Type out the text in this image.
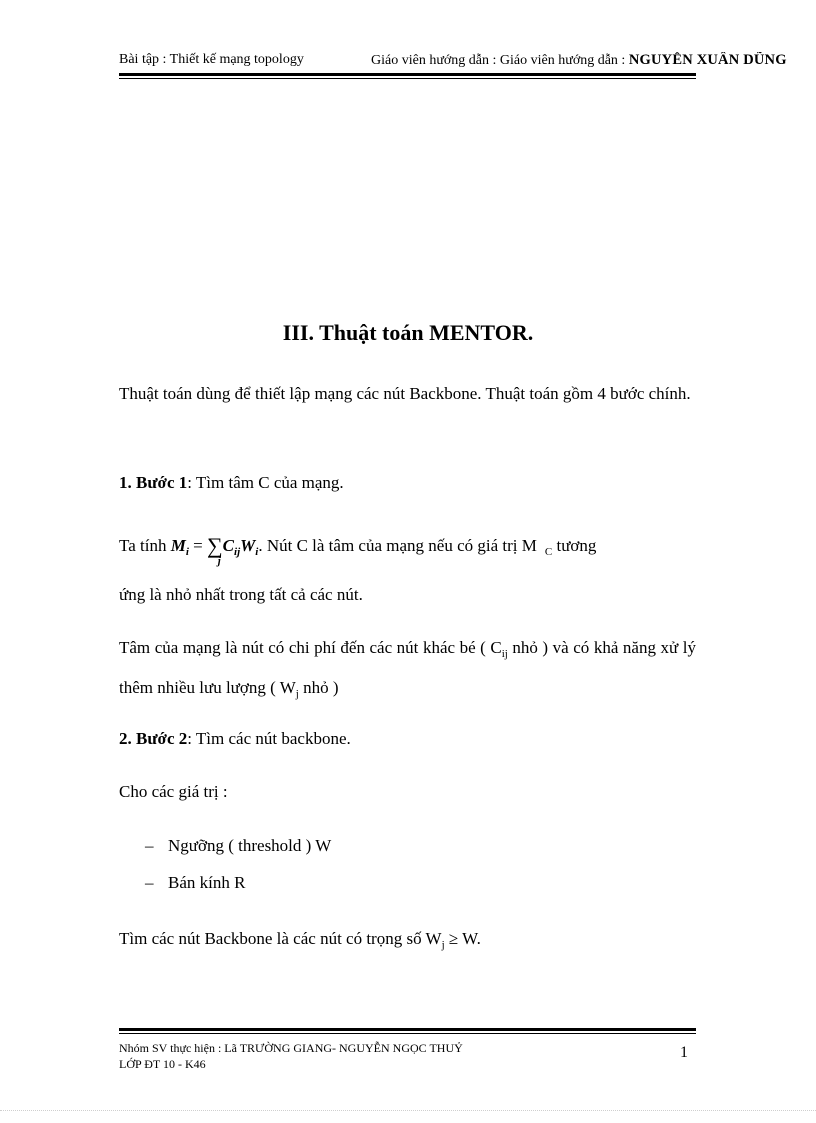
Bài tập : Thiết kế mạng topology	Giáo viên hướng dẫn : Giáo viên hướng dẫn : NGUYỄN XUÂN DŨNG
III. Thuật toán MENTOR.

Thuật toán dùng để thiết lập mạng các nút Backbone. Thuật toán gồm 4 bước chính.

1. Bước 1: Tìm tâm C của mạng.

Ta tính $M_i$ = ∑
j
$C_{ij}W_i$. Nút C là tâm của mạng nếu có giá trị M $_C$ tương

ứng là nhỏ nhất trong tất cả các nút.

Tâm của mạng là nút có chi phí đến các nút khác bé ( $C_{ij}$ nhỏ ) và có khả năng xử lý thêm nhiều lưu lượng ( $W_j$ nhỏ )

2. Bước 2: Tìm các nút backbone.

Cho các giá trị :

– Ngưỡng ( threshold ) W
– Bán kính R

Tìm các nút Backbone là các nút có trọng số $W_j \ge W$.

Nhóm SV thực hiện : Lã TRƯỜNG GIANG- NGUYỄN NGỌC THUỶ
LỚP ĐT 10 - K46
1
